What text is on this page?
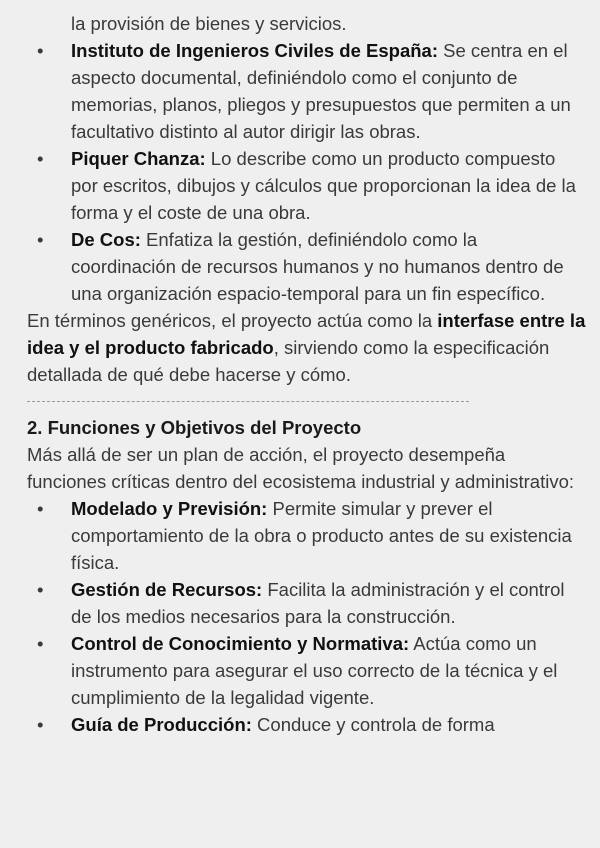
la provisión de bienes y servicios.

• Instituto de Ingenieros Civiles de España: Se centra en el aspecto documental, definiéndolo como el conjunto de memorias, planos, pliegos y presupuestos que permiten a un facultativo distinto al autor dirigir las obras.
• Piquer Chanza: Lo describe como un producto compuesto por escritos, dibujos y cálculos que proporcionan la idea de la forma y el coste de una obra.
• De Cos: Enfatiza la gestión, definiéndolo como la coordinación de recursos humanos y no humanos dentro de una organización espacio-temporal para un fin específico.

En términos genéricos, el proyecto actúa como la interfase entre la idea y el producto fabricado, sirviendo como la especificación detallada de qué debe hacerse y cómo.

2. Funciones y Objetivos del Proyecto

Más allá de ser un plan de acción, el proyecto desempeña funciones críticas dentro del ecosistema industrial y administrativo:

• Modelado y Previsión: Permite simular y prever el comportamiento de la obra o producto antes de su existencia física.
• Gestión de Recursos: Facilita la administración y el control de los medios necesarios para la construcción.
• Control de Conocimiento y Normativa: Actúa como un instrumento para asegurar el uso correcto de la técnica y el cumplimiento de la legalidad vigente.
• Guía de Producción: Conduce y controla de forma
